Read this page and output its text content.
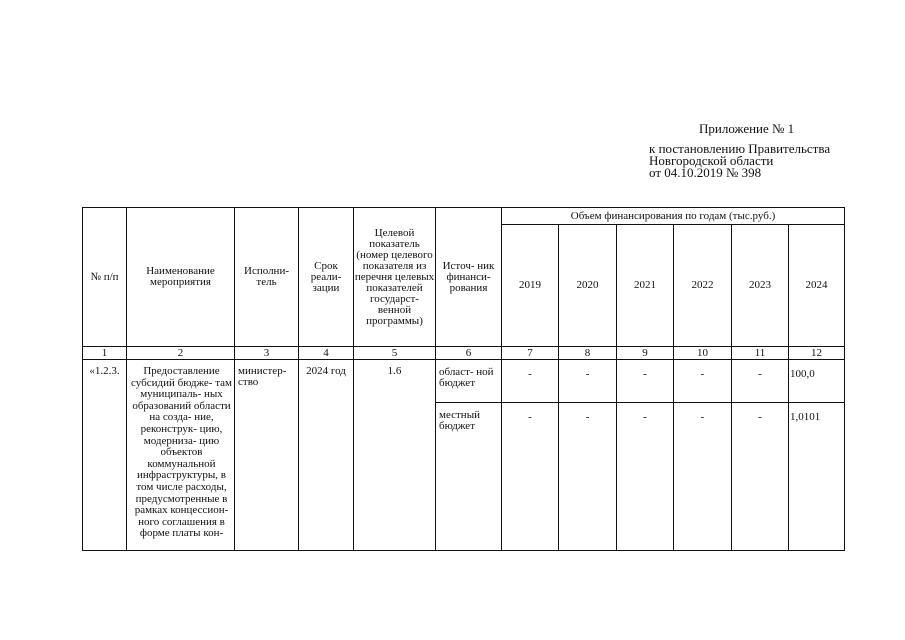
Приложение № 1
к постановлению Правительства
Новгородской области
от 04.10.2019 № 398
№ п/п	Наименование мероприятия	Исполни- тель	Срок реали- зации	Целевой показатель (номер целевого показателя из перечня целевых показателей государст- венной программы)	Источ- ник финанси- рования	Объем финансирования по годам (тыс.руб.)					
						2019	2020	2021	2022	2023	2024
1	2	3	4	5	6	7	8	9	10	11	12
«1.2.3.	Предоставление субсидий бюдже- там муниципаль- ных образований области на созда- ние, реконструк- цию, модерниза- цию объектов коммунальной инфраструктуры, в том числе расходы, предусмотренные в рамках концессион- ного соглашения в форме платы кон-	министер- ство	2024 год	1.6	област- ной бюджет	-	-	-	-	-	100,0
					местный бюджет	-	-	-	-	-	1,0101
